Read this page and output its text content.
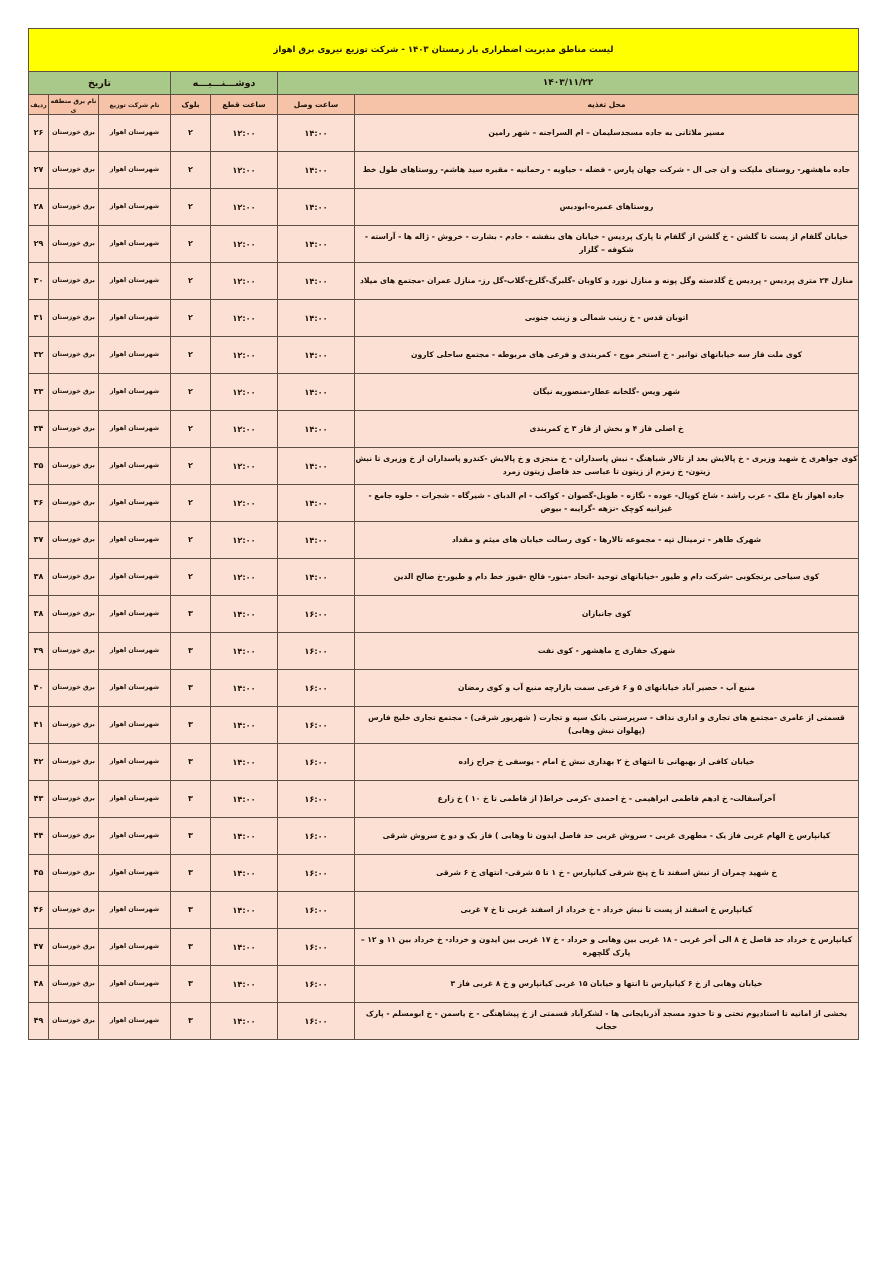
لیست مناطق مدیریت اضطراری بار زمستان ۱۴۰۳ - شرکت توزیع نیروی برق اهواز						
۱۴۰۳/۱۱/۲۲		دوشـــنـــبـــه		تاریخ		
محل تغذیه	ساعت وصل	ساعت قطع	بلوک	نام شرکت توزیع	نام برق منطقه ی	ردیف
مسیر ملاثانی به جاده مسجدسلیمان – ام السراجنه – شهر رامین	۱۴:۰۰	۱۲:۰۰	۲	شهرستان اهواز	برق خوزستان	۲۶
جاده ماهشهر- روستای ملیکت و ان جی ال - شرکت جهان پارس - فضله - حیاویه - رحمانیه - مقبره سید هاشم- روستاهای طول خط	۱۴:۰۰	۱۲:۰۰	۲	شهرستان اهواز	برق خوزستان	۲۷
روستاهای عمیره-ابودبس	۱۴:۰۰	۱۲:۰۰	۲	شهرستان اهواز	برق خوزستان	۲۸
خیابان گلفام از پست تا گلشن - خ گلشن از گلفام تا پارک پردیس - خیابان های بنفشه - خادم - بشارت - خروش - ژاله ها - آراسته - شکوفه – گلزار	۱۴:۰۰	۱۲:۰۰	۲	شهرستان اهواز	برق خوزستان	۲۹
منازل ۲۴ متری پردیس - پردیس خ گلدسته وگل پونه و منازل نورد و کاوبان -گلبرگ-گلرخ-گلاب-گل رز- منازل عمران -مجتمع های میلاد	۱۴:۰۰	۱۲:۰۰	۲	شهرستان اهواز	برق خوزستان	۳۰
اتوبان قدس - خ زینب شمالی و زینب جنوبی	۱۴:۰۰	۱۲:۰۰	۲	شهرستان اهواز	برق خوزستان	۳۱
کوی ملت فاز سه خیابانهای توانیر - خ استخر موج - کمربندی و فرعی های مربوطه - مجتمع ساحلی کارون	۱۴:۰۰	۱۲:۰۰	۲	شهرستان اهواز	برق خوزستان	۳۲
شهر ویس -گلخانه عطار-منصوریه نیگان	۱۴:۰۰	۱۲:۰۰	۲	شهرستان اهواز	برق خوزستان	۳۳
خ اصلی فاز ۴ و بخش از فاز ۳ خ کمربندی	۱۴:۰۰	۱۲:۰۰	۲	شهرستان اهواز	برق خوزستان	۳۴
کوی جواهری خ شهید وزیری - خ پالایش بعد از تالار شباهنگ - نبش پاسداران - خ منجزی و خ پالایش -کندرو پاسداران از خ وزیری تا نبش زیتون- خ زمزم از زیتون تا عباسی حد فاصل زیتون زمرد	۱۴:۰۰	۱۲:۰۰	۲	شهرستان اهواز	برق خوزستان	۳۵
جاده اهواز باغ ملک - عرب راشد - شاخ کوپال- عوده - نگازه - طویل-گصوان - کواکب - ام الدبای - شیرگاه - شجرات - حلوه جامع - غیزانیه کوچک -نزهه -گرایبه - بیوض	۱۴:۰۰	۱۲:۰۰	۲	شهرستان اهواز	برق خوزستان	۳۶
شهرک طاهر - ترمینال تپه - مجموعه تالارها - کوی رسالت خیابان های میثم و مقداد	۱۴:۰۰	۱۲:۰۰	۲	شهرستان اهواز	برق خوزستان	۳۷
کوی سیاحی برنجکوبی -شرکت دام و طیور -خیابانهای توحید -اتحاد -منور- فالح -فیوز خط دام و طیور-خ صالح الدین	۱۴:۰۰	۱۲:۰۰	۲	شهرستان اهواز	برق خوزستان	۳۸
کوی جانبازان	۱۶:۰۰	۱۴:۰۰	۳	شهرستان اهواز	برق خوزستان	۳۸
شهرک حفاری ج ماهشهر - کوی نفت	۱۶:۰۰	۱۴:۰۰	۳	شهرستان اهواز	برق خوزستان	۳۹
منبع آب - حصیر آباد خیابانهای ۵ و ۶ فرعی سمت بازارچه منبع آب و کوی رمضان	۱۶:۰۰	۱۴:۰۰	۳	شهرستان اهواز	برق خوزستان	۴۰
قسمتی از عامری -مجتمع های تجاری و اداری نداف - سرپرستی بانک سپه و تجارت ( شهریور شرقی) - مجتمع تجاری خلیج فارس (پهلوان نبش وهابی)	۱۶:۰۰	۱۴:۰۰	۳	شهرستان اهواز	برق خوزستان	۴۱
خیابان کافی از بهبهانی تا انتهای خ ۲ بهداری نبش خ امام - یوسفی خ جراح زاده	۱۶:۰۰	۱۴:۰۰	۳	شهرستان اهواز	برق خوزستان	۴۲
آخرآسفالت- خ ادهم فاطمی ابراهیمی - خ احمدی -کرمی خراط( از فاطمی تا خ ۱۰ ) خ زارع	۱۶:۰۰	۱۴:۰۰	۳	شهرستان اهواز	برق خوزستان	۴۳
کیانپارس خ الهام غربی فاز یک - مطهری غربی - سروش غربی حد فاصل ایدون تا وهابی ) فاز یک و دو خ سروش شرقی	۱۶:۰۰	۱۴:۰۰	۳	شهرستان اهواز	برق خوزستان	۴۴
خ شهید چمران از نبش اسفند تا خ پنج شرقی کیانپارس - خ ۱ تا ۵ شرقی- انتهای خ ۶ شرقی	۱۶:۰۰	۱۴:۰۰	۳	شهرستان اهواز	برق خوزستان	۴۵
کیانپارس خ اسفند از پست تا نبش خرداد - خ خرداد از اسفند غربی تا خ ۷ غربی	۱۶:۰۰	۱۴:۰۰	۳	شهرستان اهواز	برق خوزستان	۴۶
کیانپارس خ خرداد حد فاصل خ ۸ الی آخر غربی - ۱۸ غربی بین وهابی و خرداد - خ ۱۷ غربی بین ایدون و خرداد- خ خرداد بین ۱۱ و ۱۲ – پارک گلچهره	۱۶:۰۰	۱۴:۰۰	۳	شهرستان اهواز	برق خوزستان	۴۷
خیابان وهابی از خ ۶ کیانپارس تا انتها و خیابان ۱۵ غربی کیانپارس و خ ۸ غربی فاز ۳	۱۶:۰۰	۱۴:۰۰	۳	شهرستان اهواز	برق خوزستان	۴۸
بخشی از امانیه تا استادیوم تختی و تا حدود مسجد آذربایجانی ها - لشکرآباد قسمتی از خ پیشاهنگی - خ یاسمن - خ ابومسلم - پارک حجاب	۱۶:۰۰	۱۴:۰۰	۳	شهرستان اهواز	برق خوزستان	۴۹
